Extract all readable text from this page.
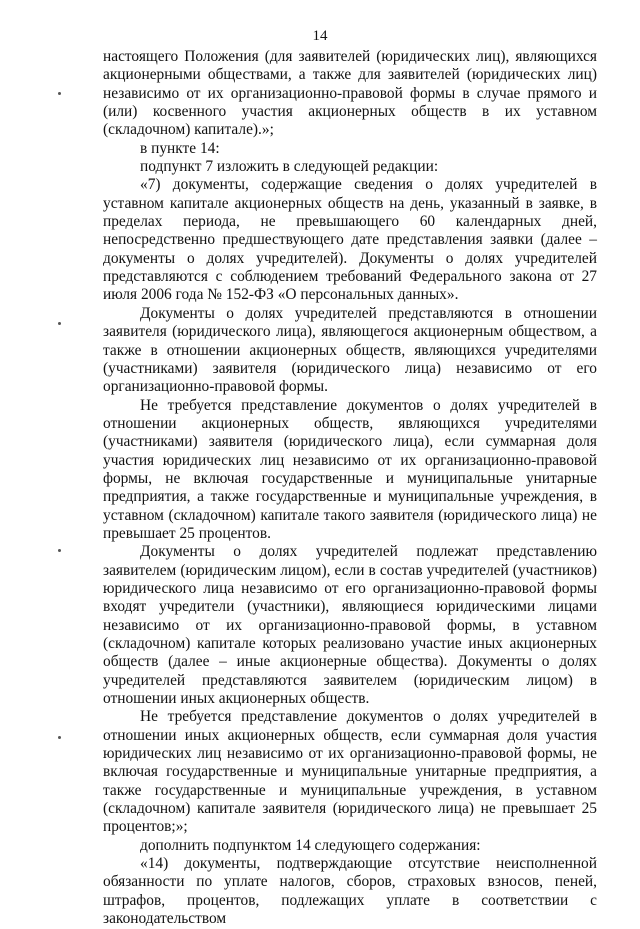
14

настоящего Положения (для заявителей (юридических лиц), являющихся акционерными обществами, а также для заявителей (юридических лиц) независимо от их организационно-правовой формы в случае прямого и (или) косвенного участия акционерных обществ в их уставном (складочном) капитале).»;

в пункте 14:

подпункт 7 изложить в следующей редакции:

«7) документы, содержащие сведения о долях учредителей в уставном капитале акционерных обществ на день, указанный в заявке, в пределах периода, не превышающего 60 календарных дней, непосредственно предшествующего дате представления заявки (далее – документы о долях учредителей). Документы о долях учредителей представляются с соблюдением требований Федерального закона от 27 июля 2006 года № 152-ФЗ «О персональных данных».

Документы о долях учредителей представляются в отношении заявителя (юридического лица), являющегося акционерным обществом, а также в отношении акционерных обществ, являющихся учредителями (участниками) заявителя (юридического лица) независимо от его организационно-правовой формы.

Не требуется представление документов о долях учредителей в отношении акционерных обществ, являющихся учредителями (участниками) заявителя (юридического лица), если суммарная доля участия юридических лиц независимо от их организационно-правовой формы, не включая государственные и муниципальные унитарные предприятия, а также государственные и муниципальные учреждения, в уставном (складочном) капитале такого заявителя (юридического лица) не превышает 25 процентов.

Документы о долях учредителей подлежат представлению заявителем (юридическим лицом), если в состав учредителей (участников) юридического лица независимо от его организационно-правовой формы входят учредители (участники), являющиеся юридическими лицами независимо от их организационно-правовой формы, в уставном (складочном) капитале которых реализовано участие иных акционерных обществ (далее – иные акционерные общества). Документы о долях учредителей представляются заявителем (юридическим лицом) в отношении иных акционерных обществ.

Не требуется представление документов о долях учредителей в отношении иных акционерных обществ, если суммарная доля участия юридических лиц независимо от их организационно-правовой формы, не включая государственные и муниципальные унитарные предприятия, а также государственные и муниципальные учреждения, в уставном (складочном) капитале заявителя (юридического лица) не превышает 25 процентов;»;

дополнить подпунктом 14 следующего содержания:

«14) документы, подтверждающие отсутствие неисполненной обязанности по уплате налогов, сборов, страховых взносов, пеней, штрафов, процентов, подлежащих уплате в соответствии с законодательством
